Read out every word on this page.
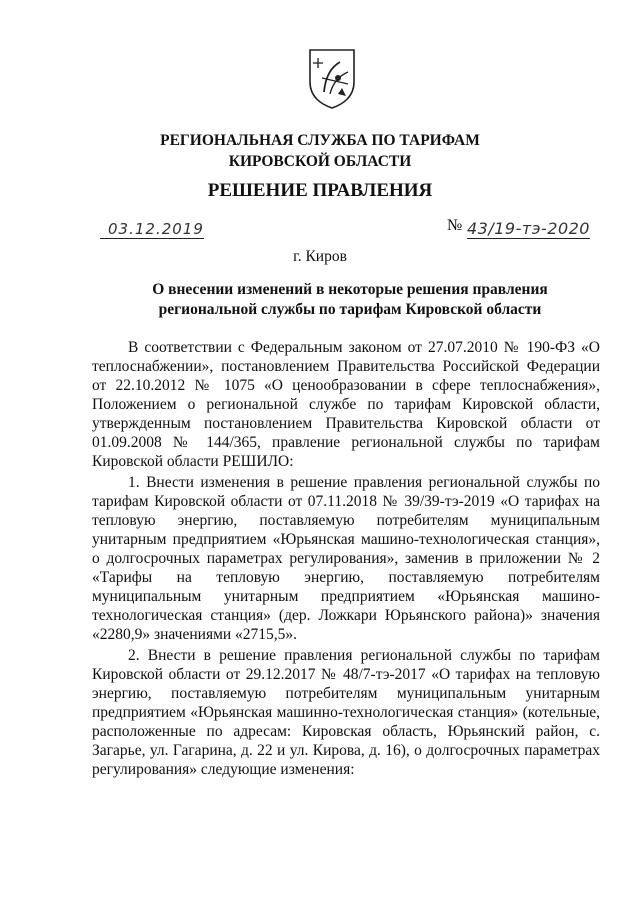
РЕГИОНАЛЬНАЯ СЛУЖБА ПО ТАРИФАМ
КИРОВСКОЙ ОБЛАСТИ
РЕШЕНИЕ ПРАВЛЕНИЯ
03.12.2019	№ 43/19-тэ-2020
г. Киров
О внесении изменений в некоторые решения правления
региональной службы по тарифам Кировской области

В соответствии с Федеральным законом от 27.07.2010 № 190-ФЗ «О теплоснабжении», постановлением Правительства Российской Федерации от 22.10.2012 № 1075 «О ценообразовании в сфере теплоснабжения», Положением о региональной службе по тарифам Кировской области, утвержденным постановлением Правительства Кировской области от 01.09.2008 № 144/365, правление региональной службы по тарифам Кировской области РЕШИЛО:

1. Внести изменения в решение правления региональной службы по тарифам Кировской области от 07.11.2018 № 39/39-тэ-2019 «О тарифах на тепловую энергию, поставляемую потребителям муниципальным унитарным предприятием «Юрьянская машино-технологическая станция», о долгосрочных параметрах регулирования», заменив в приложении № 2 «Тарифы на тепловую энергию, поставляемую потребителям муниципальным унитарным предприятием «Юрьянская машино-технологическая станция» (дер. Ложкари Юрьянского района)» значения «2280,9» значениями «2715,5».

2. Внести в решение правления региональной службы по тарифам Кировской области от 29.12.2017 № 48/7-тэ-2017 «О тарифах на тепловую энергию, поставляемую потребителям муниципальным унитарным предприятием «Юрьянская машинно-технологическая станция» (котельные, расположенные по адресам: Кировская область, Юрьянский район, с. Загарье, ул. Гагарина, д. 22 и ул. Кирова, д. 16), о долгосрочных параметрах регулирования» следующие изменения:
